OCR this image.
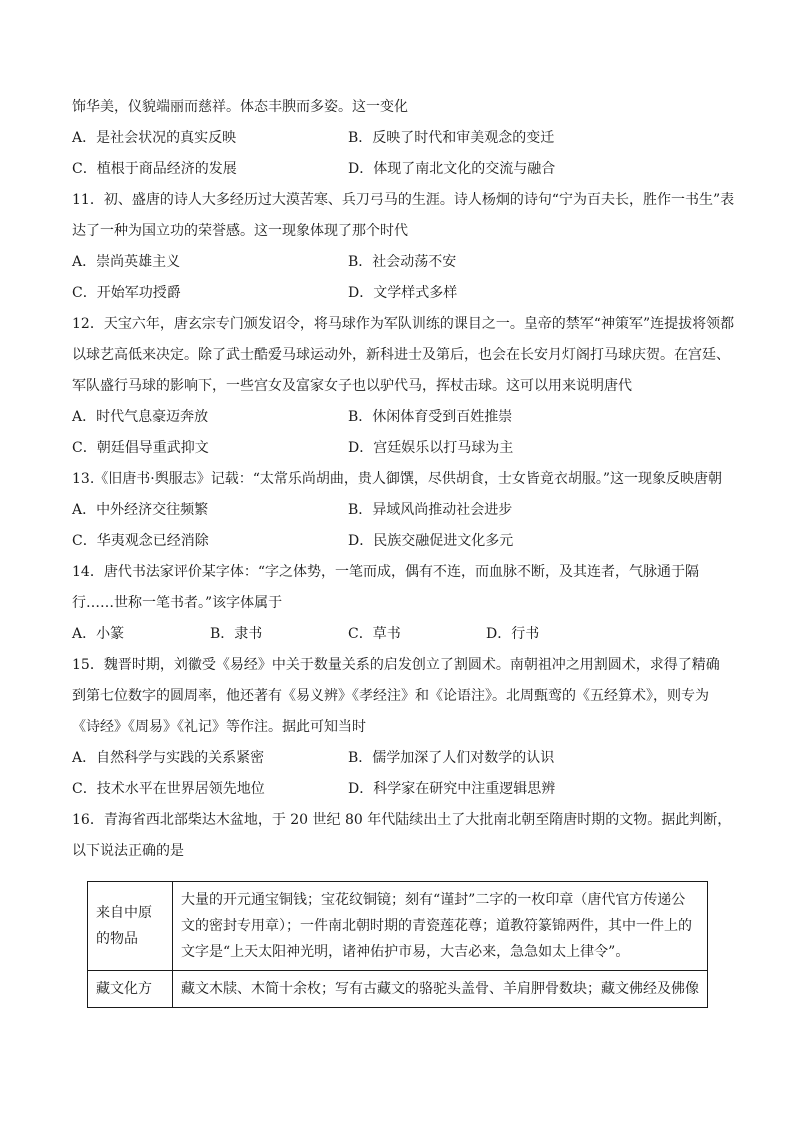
饰华美，仪貌端丽而慈祥。体态丰腴而多姿。这一变化
A．是社会状况的真实反映	B．反映了时代和审美观念的变迁
C．植根于商品经济的发展	D．体现了南北文化的交流与融合
11．初、盛唐的诗人大多经历过大漠苦寒、兵刀弓马的生涯。诗人杨炯的诗句“宁为百夫长，胜作一书生”表
达了一种为国立功的荣誉感。这一现象体现了那个时代
A．崇尚英雄主义	B．社会动荡不安
C．开始军功授爵	D．文学样式多样
12．天宝六年，唐玄宗专门颁发诏令，将马球作为军队训练的课目之一。皇帝的禁军“神策军”连提拔将领都
以球艺高低来决定。除了武士酷爱马球运动外，新科进士及第后，也会在长安月灯阁打马球庆贺。在宫廷、
军队盛行马球的影响下，一些宫女及富家女子也以驴代马，挥杖击球。这可以用来说明唐代
A．时代气息豪迈奔放	B．休闲体育受到百姓推崇
C．朝廷倡导重武抑文	D．宫廷娱乐以打马球为主
13.《旧唐书·舆服志》记载：“太常乐尚胡曲，贵人御馔，尽供胡食，士女皆竟衣胡服。”这一现象反映唐朝
A．中外经济交往频繁	B．异域风尚推动社会进步
C．华夷观念已经消除	D．民族交融促进文化多元
14．唐代书法家评价某字体：“字之体势，一笔而成，偶有不连，而血脉不断，及其连者，气脉通于隔
行……世称一笔书者。”该字体属于
A．小篆	B．隶书	C．草书	D．行书
15．魏晋时期，刘徽受《易经》中关于数量关系的启发创立了割圆术。南朝祖冲之用割圆术，求得了精确
到第七位数字的圆周率，他还著有《易义辨》《孝经注》和《论语注》。北周甄鸾的《五经算术》，则专为
《诗经》《周易》《礼记》等作注。据此可知当时
A．自然科学与实践的关系紧密	B．儒学加深了人们对数学的认识
C．技术水平在世界居领先地位	D．科学家在研究中注重逻辑思辨
16．青海省西北部柴达木盆地，于 20 世纪 80 年代陆续出土了大批南北朝至隋唐时期的文物。据此判断，
以下说法正确的是
来自中原的物品	大量的开元通宝铜钱；宝花纹铜镜；刻有“谨封”二字的一枚印章（唐代官方传递公文的密封专用章）；一件南北朝时期的青瓷莲花尊；道教符篆锦两件，其中一件上的文字是“上天太阳神光明，诸神佑护市易，大吉必来，急急如太上律令”。
藏文化方	藏文木牍、木简十余枚；写有古藏文的骆驼头盖骨、羊肩胛骨数块；藏文佛经及佛像
